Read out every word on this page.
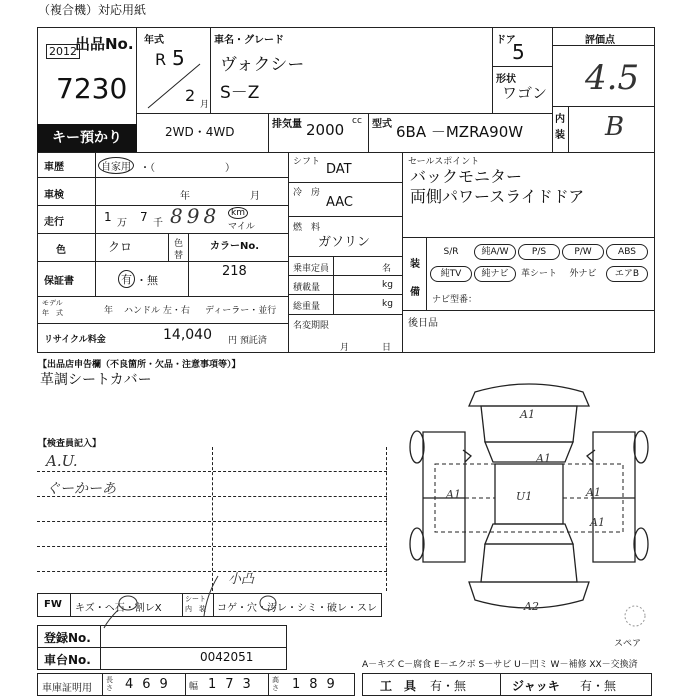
（複合機）対応用紙
出品No.
2012
7230
キー預かり
年式
R 5
2 月
車名・グレード
ヴォクシー
S－Z
ドア
5
形状
ワゴン
評価点
4.5
内
装 B
2WD・4WD
排気量 2000 cc 型式 6BA －MZRA90W
車歴	自家用 ・（　　　　　　　）
車検	年	月
走行	1 万 7 千 898	km
マイル
色	クロ	色
替
カラーNo.
218
保証書	有 ・無
モデル
年　式	年 ハンドル 左・右 ディーラー・並行
リサイクル料金	14,040 円 預託済
シフト DAT
冷　房
AAC
燃　料
ガソリン
乗車定員	名
積載量	kg
総重量	kg
名変期限
月	日
セールスポイント
バックモニター
両側パワースライドドア
装
備
S/R	純A/W	P/S	P/W	ABS
純TV	純ナビ	革シート	外ナビ	エアB
ナビ型番：
後日品
【出品店申告欄（不良箇所・欠品・注意事項等）】
革調シートカバー
【検査員記入】
A.U.
ぐーかーあ
FW キズ・ヘ石・割レX
シート
内　装 コゲ・穴・汚レ・シミ・破レ・スレ
小凸
登録No.
車台No.	0042051
車庫証明用
長さ 469 幅 173 高さ 189
A－キズ C－腐食 E－エクボ S－サビ U－凹ミ W－補修 XX－交換済
工　具 有・無	ジャッキ 有・無
A1
A1
U1
A1	A1
A1
A2
スペア
